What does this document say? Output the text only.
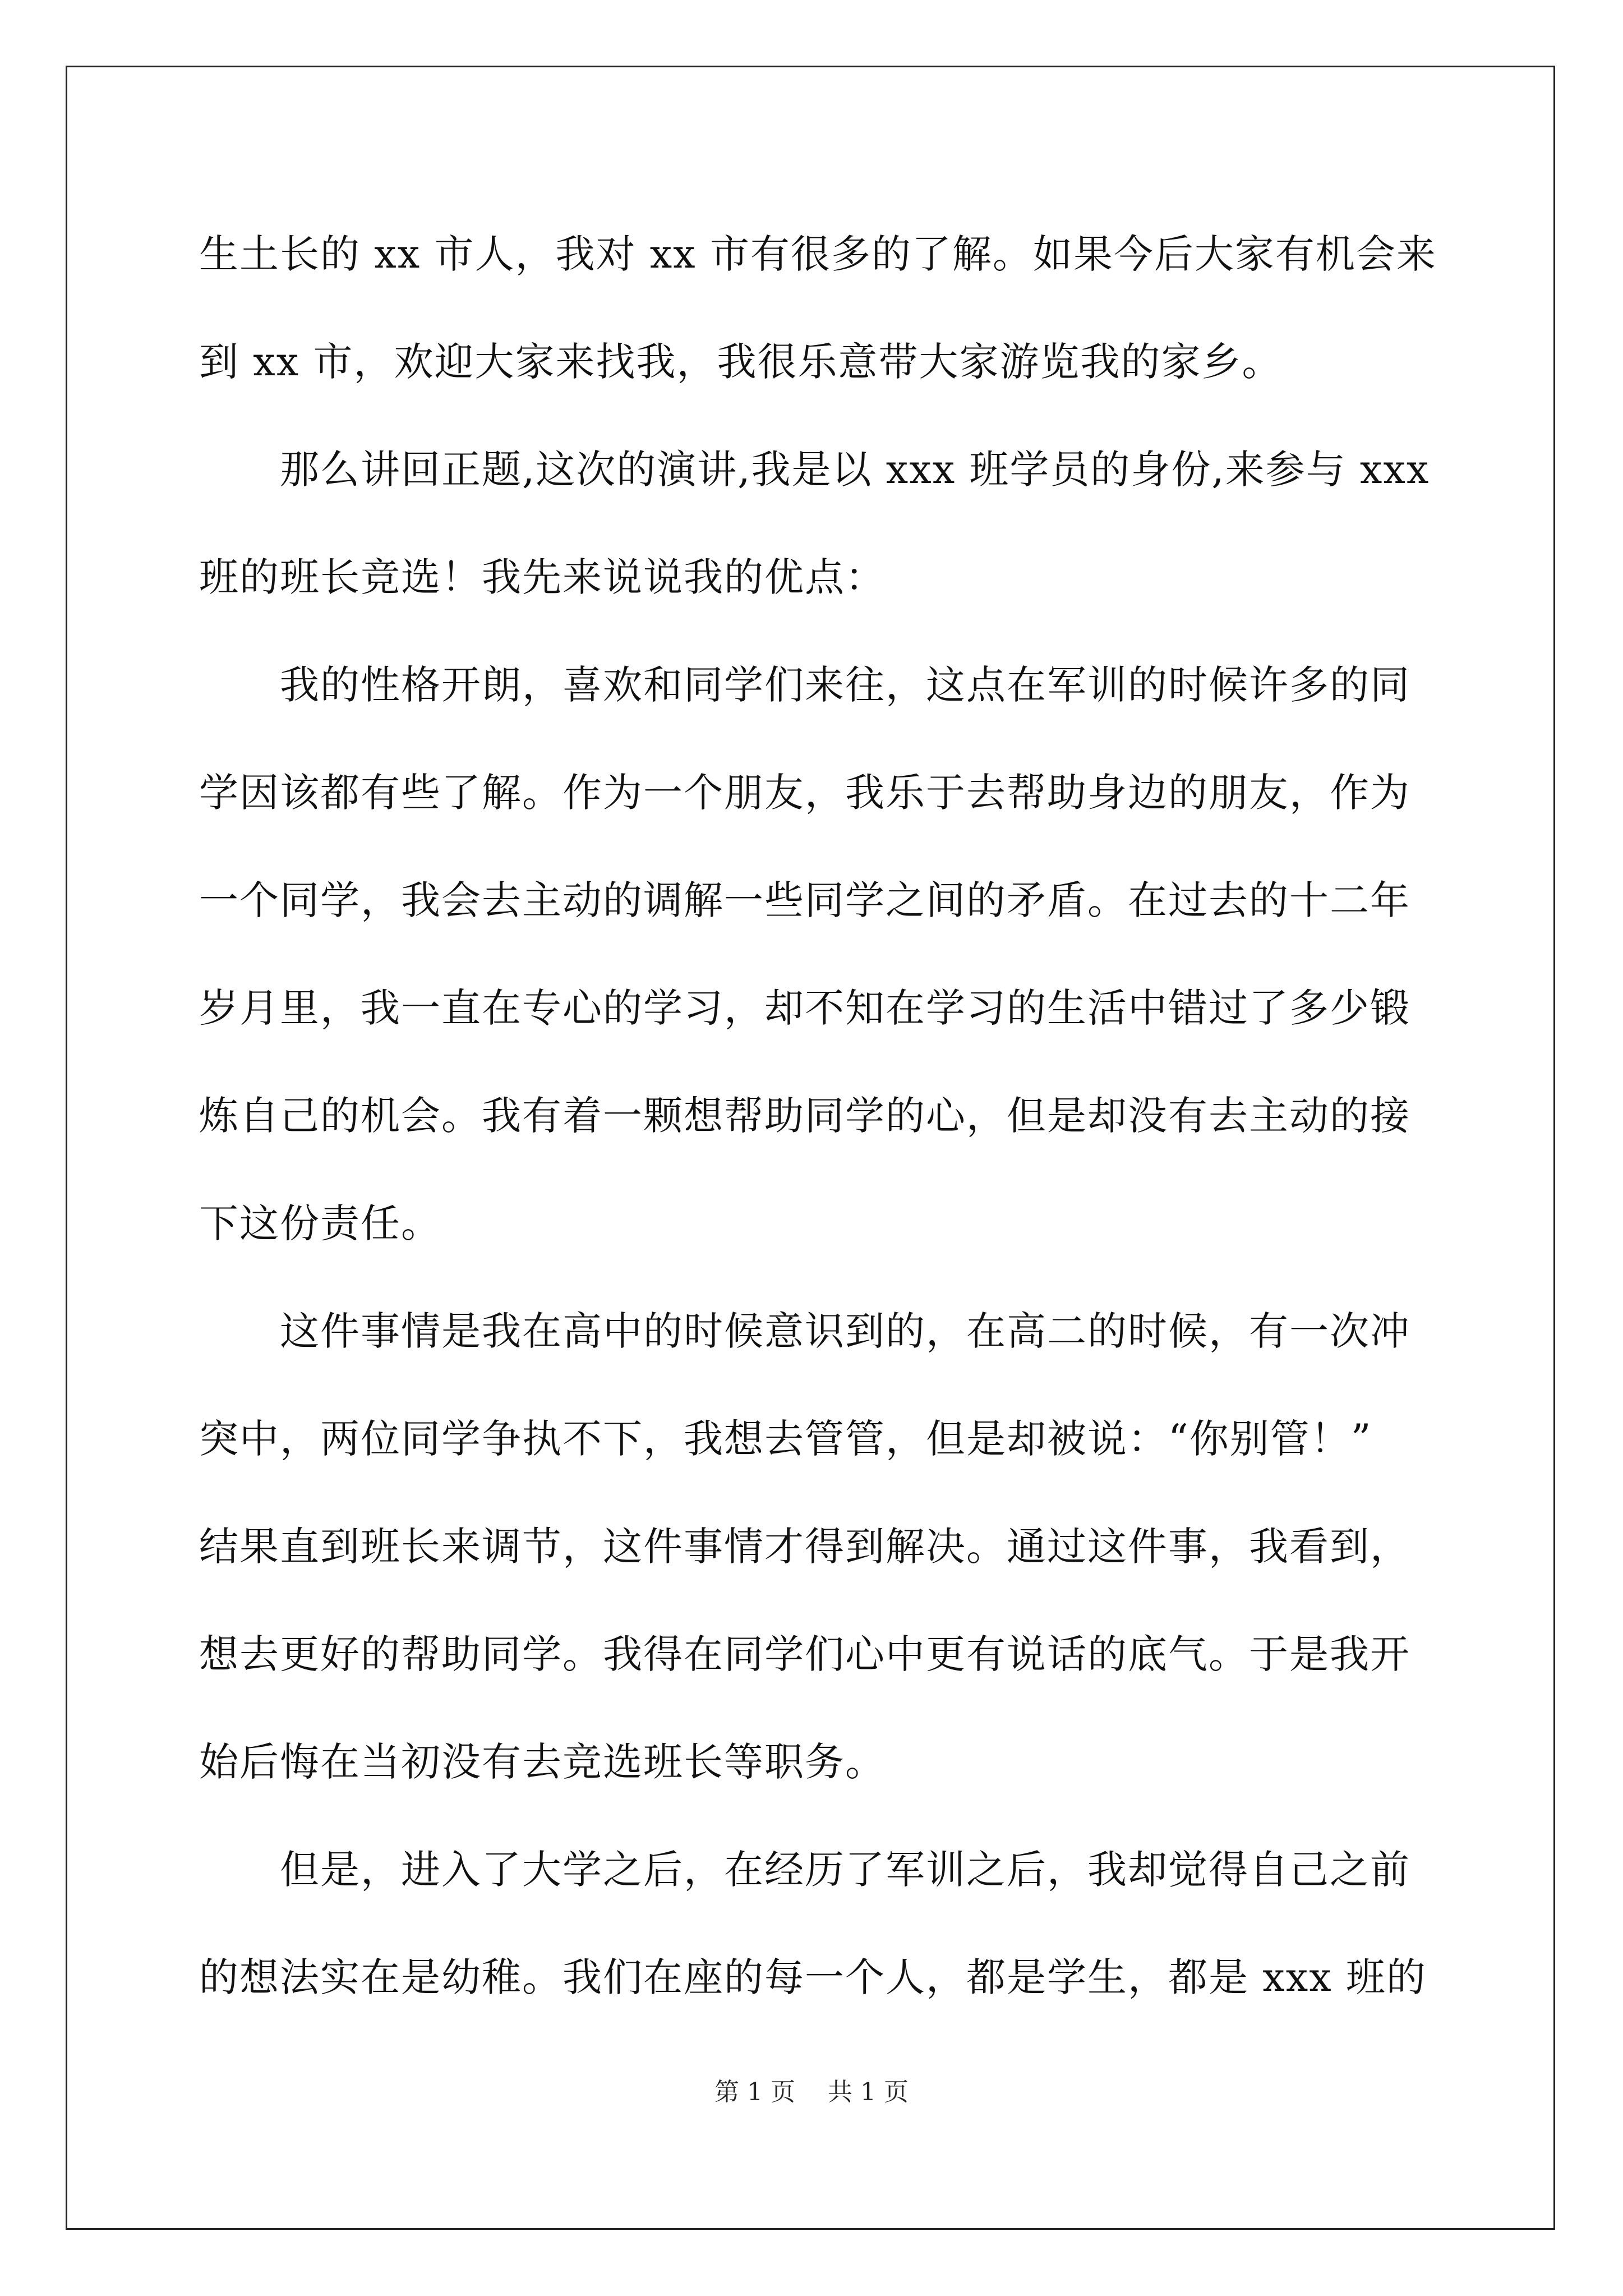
生土长的 xx 市人，我对 xx 市有很多的了解。如果今后大家有机会来
到 xx 市，欢迎大家来找我，我很乐意带大家游览我的家乡。
　　那么讲回正题,这次的演讲,我是以 xxx 班学员的身份,来参与 xxx
班的班长竞选！我先来说说我的优点：
　　我的性格开朗，喜欢和同学们来往，这点在军训的时候许多的同
学因该都有些了解。作为一个朋友，我乐于去帮助身边的朋友，作为
一个同学，我会去主动的调解一些同学之间的矛盾。在过去的十二年
岁月里，我一直在专心的学习，却不知在学习的生活中错过了多少锻
炼自己的机会。我有着一颗想帮助同学的心，但是却没有去主动的接
下这份责任。
　　这件事情是我在高中的时候意识到的，在高二的时候，有一次冲
突中，两位同学争执不下，我想去管管，但是却被说：“你别管！”
结果直到班长来调节，这件事情才得到解决。通过这件事，我看到，
想去更好的帮助同学。我得在同学们心中更有说话的底气。于是我开
始后悔在当初没有去竞选班长等职务。
　　但是，进入了大学之后，在经历了军训之后，我却觉得自己之前
的想法实在是幼稚。我们在座的每一个人，都是学生，都是 xxx 班的
第 1 页　 共 1 页
